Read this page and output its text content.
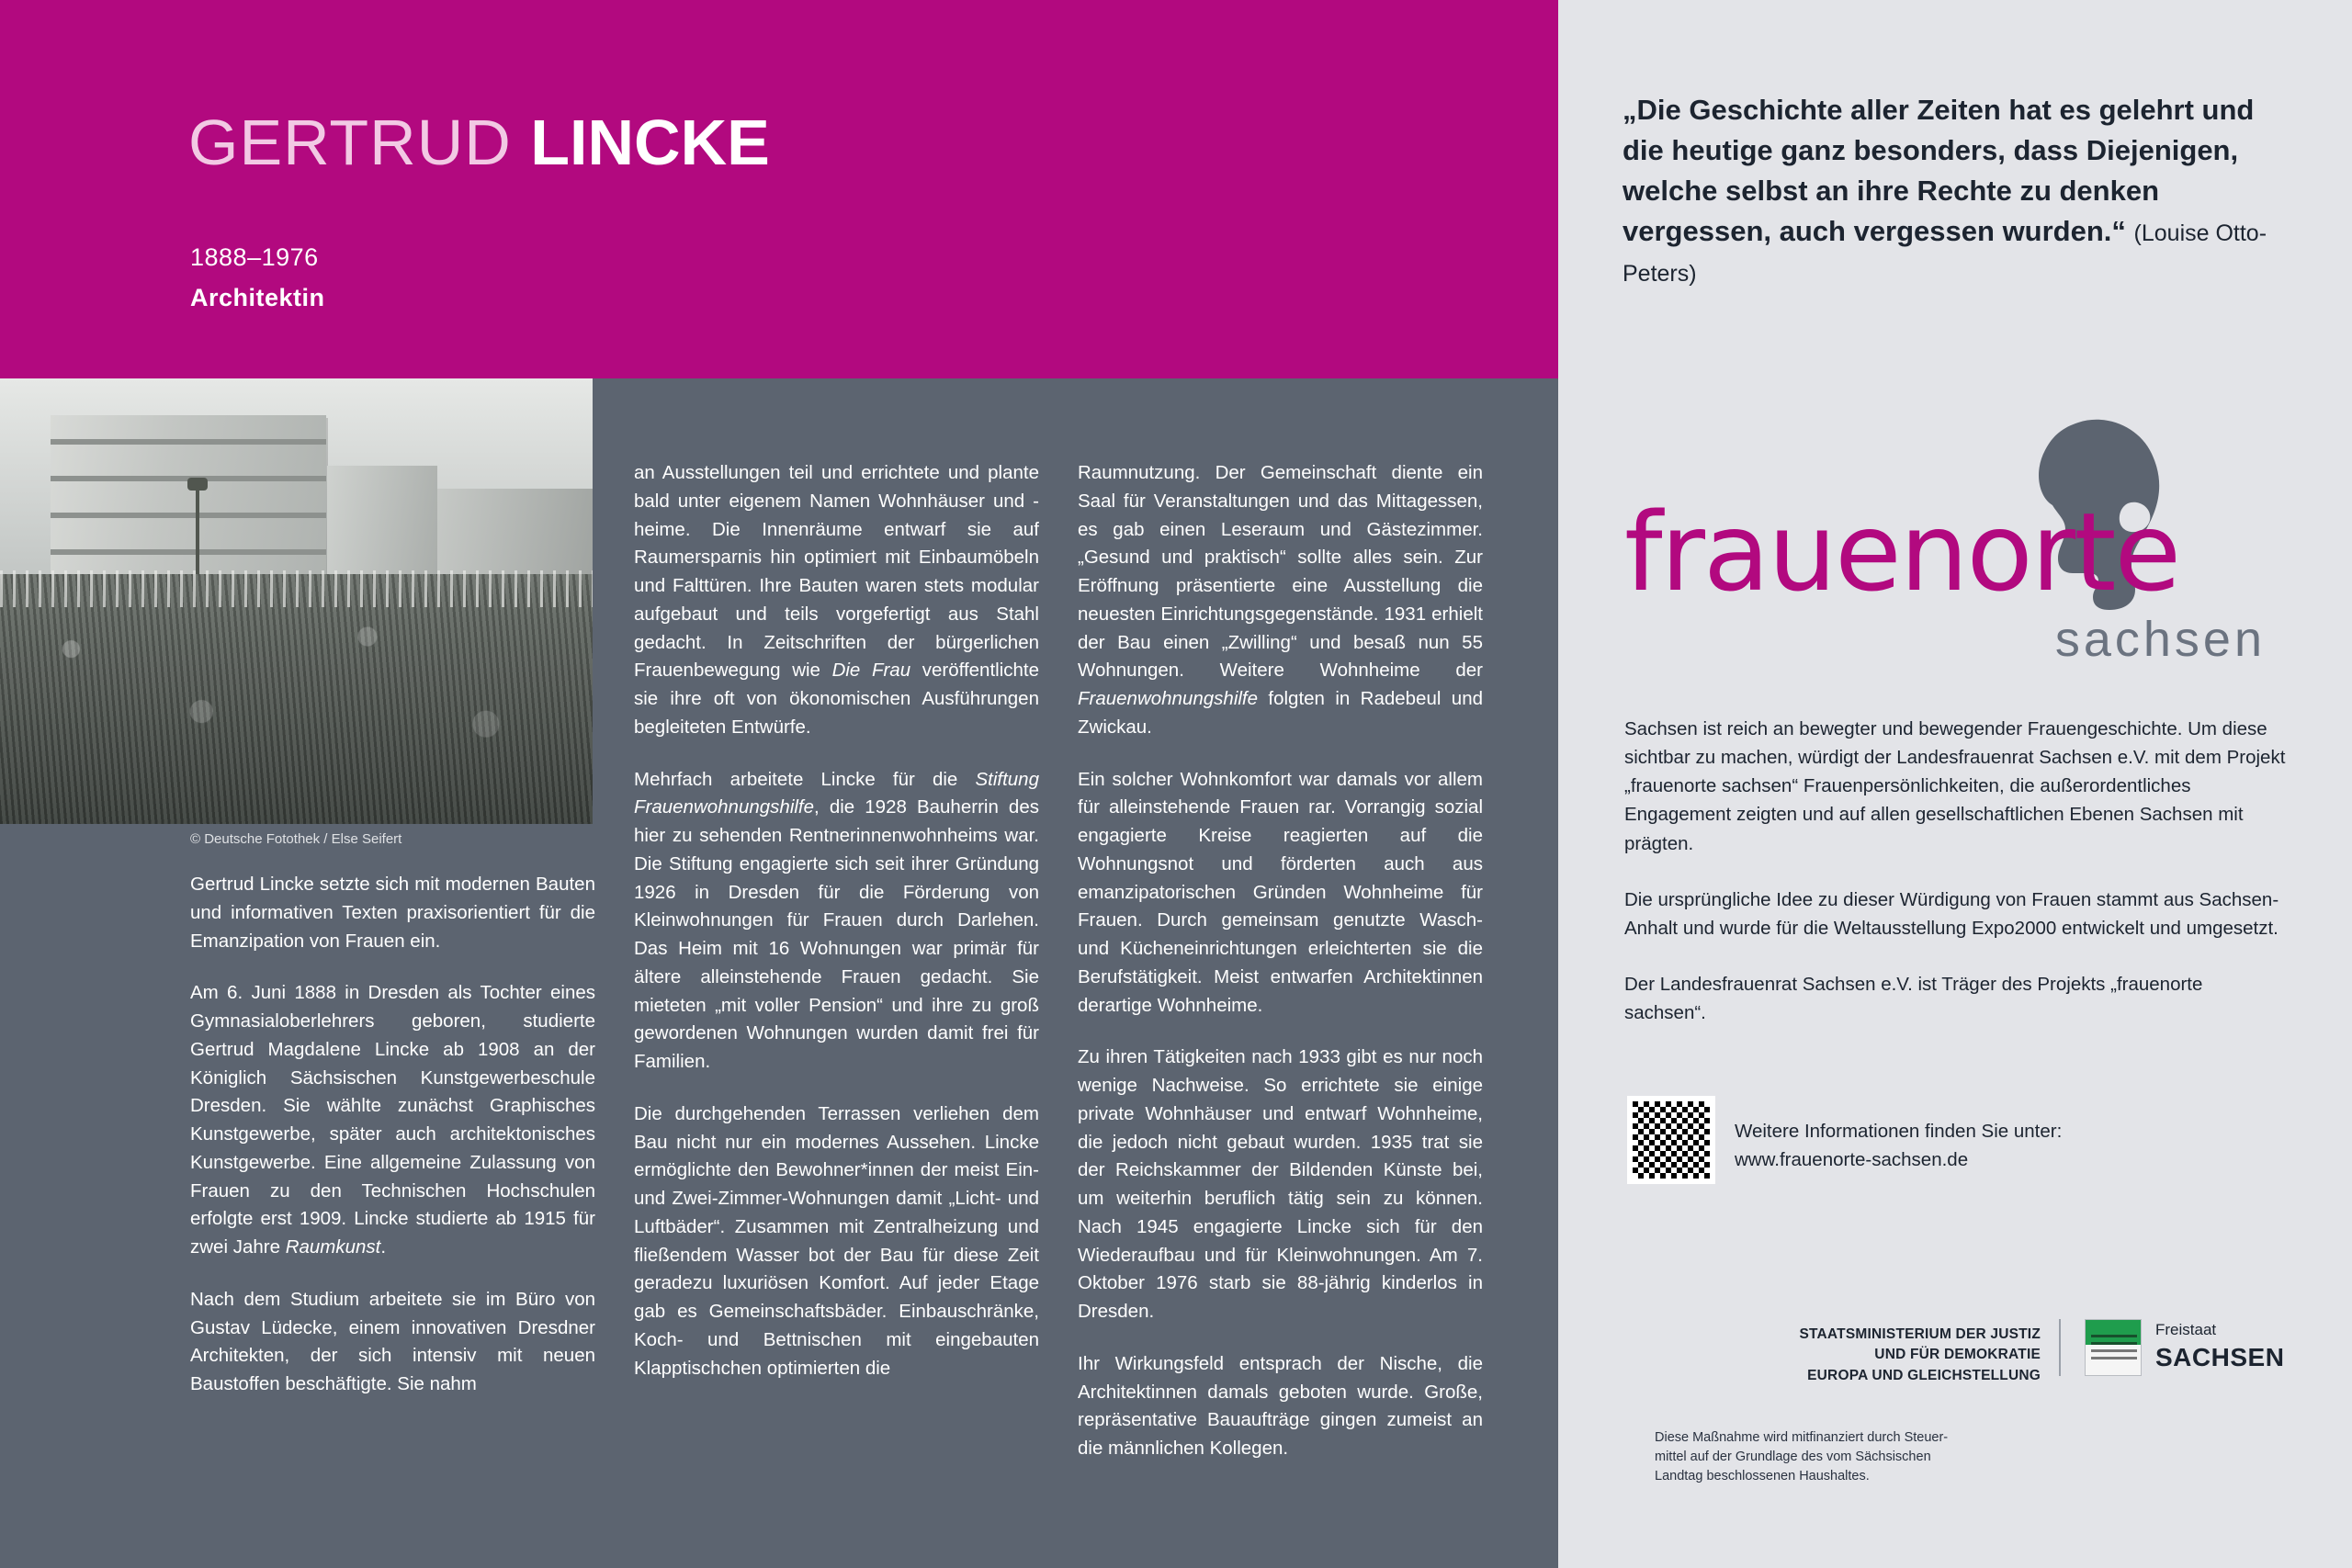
GERTRUD LINCKE
1888–1976
Architektin
© Deutsche Fotothek / Else Seifert

Gertrud Lincke setzte sich mit modernen Bauten und informativen Texten praxisorientiert für die Emanzipation von Frauen ein.

Am 6. Juni 1888 in Dresden als Tochter eines Gymnasialoberlehrers geboren, studierte Gertrud Magdalene Lincke ab 1908 an der Königlich Sächsischen Kunstgewerbeschule Dresden. Sie wählte zunächst Graphisches Kunstgewerbe, später auch architektonisches Kunstgewerbe. Eine allgemeine Zulassung von Frauen zu den Technischen Hochschulen erfolgte erst 1909. Lincke studierte ab 1915 für zwei Jahre Raumkunst.

Nach dem Studium arbeitete sie im Büro von Gustav Lüdecke, einem innovativen Dresdner Architekten, der sich intensiv mit neuen Baustoffen beschäftigte. Sie nahm

an Ausstellungen teil und errichtete und plante bald unter eigenem Namen Wohnhäuser und -heime. Die Innenräume entwarf sie auf Raumersparnis hin optimiert mit Einbaumöbeln und Falttüren. Ihre Bauten waren stets modular aufgebaut und teils vorgefertigt aus Stahl gedacht. In Zeitschriften der bürgerlichen Frauenbewegung wie Die Frau veröffentlichte sie ihre oft von ökonomischen Ausführungen begleiteten Entwürfe.

Mehrfach arbeitete Lincke für die Stiftung Frauenwohnungshilfe, die 1928 Bauherrin des hier zu sehenden Rentnerinnenwohnheims war. Die Stiftung engagierte sich seit ihrer Gründung 1926 in Dresden für die Förderung von Kleinwohnungen für Frauen durch Darlehen. Das Heim mit 16 Wohnungen war primär für ältere alleinstehende Frauen gedacht. Sie mieteten „mit voller Pension“ und ihre zu groß gewordenen Wohnungen wurden damit frei für Familien.

Die durchgehenden Terrassen verliehen dem Bau nicht nur ein modernes Aussehen. Lincke ermöglichte den Bewohner*innen der meist Ein- und Zwei-Zimmer-Wohnungen damit „Licht- und Luftbäder“. Zusammen mit Zentralheizung und fließendem Wasser bot der Bau für diese Zeit geradezu luxuriösen Komfort. Auf jeder Etage gab es Gemeinschaftsbäder. Einbauschränke, Koch- und Bettnischen mit eingebauten Klapptischchen optimierten die

Raumnutzung. Der Gemeinschaft diente ein Saal für Veranstaltungen und das Mittagessen, es gab einen Leseraum und Gästezimmer. „Gesund und praktisch“ sollte alles sein. Zur Eröffnung präsentierte eine Ausstellung die neuesten Einrichtungsgegenstände. 1931 erhielt der Bau einen „Zwilling“ und besaß nun 55 Wohnungen. Weitere Wohnheime der Frauenwohnungshilfe folgten in Radebeul und Zwickau.

Ein solcher Wohnkomfort war damals vor allem für alleinstehende Frauen rar. Vorrangig sozial engagierte Kreise reagierten auf die Wohnungsnot und förderten auch aus emanzipatorischen Gründen Wohnheime für Frauen. Durch gemeinsam genutzte Wasch- und Kücheneinrichtungen erleichterten sie die Berufstätigkeit. Meist entwarfen Architektinnen derartige Wohnheime.

Zu ihren Tätigkeiten nach 1933 gibt es nur noch wenige Nachweise. So errichtete sie einige private Wohnhäuser und entwarf Wohnheime, die jedoch nicht gebaut wurden. 1935 trat sie der Reichskammer der Bildenden Künste bei, um weiterhin beruflich tätig sein zu können. Nach 1945 engagierte Lincke sich für den Wiederaufbau und für Kleinwohnungen. Am 7. Oktober 1976 starb sie 88-jährig kinderlos in Dresden.

Ihr Wirkungsfeld entsprach der Nische, die Architektinnen damals geboten wurde. Große, repräsentative Bauaufträge gingen zumeist an die männlichen Kollegen.

„Die Geschichte aller Zeiten hat es gelehrt und die heutige ganz besonders, dass Diejenigen, welche selbst an ihre Rechte zu denken vergessen, auch vergessen wurden.“ (Louise Otto-Peters)
frauenorte
sachsen

Sachsen ist reich an bewegter und bewegender Frauengeschichte. Um diese sichtbar zu machen, würdigt der Landesfrauenrat Sachsen e.V. mit dem Projekt „frauenorte sachsen“ Frauenpersönlichkeiten, die außerordentliches Engagement zeigten und auf allen gesellschaftlichen Ebenen Sachsen mit prägten.

Die ursprüngliche Idee zu dieser Würdigung von Frauen stammt aus Sachsen-Anhalt und wurde für die Weltausstellung Expo2000 entwickelt und umgesetzt.

Der Landesfrauenrat Sachsen e.V. ist Träger des Projekts „frauenorte sachsen“.

Weitere Informationen finden Sie unter:
www.frauenorte-sachsen.de
STAATSMINISTERIUM DER JUSTIZ
UND FÜR DEMOKRATIE
EUROPA UND GLEICHSTELLUNG
Freistaat
SACHSEN
Diese Maßnahme wird mitfinanziert durch Steuer-
mittel auf der Grundlage des vom Sächsischen
Landtag beschlossenen Haushaltes.
